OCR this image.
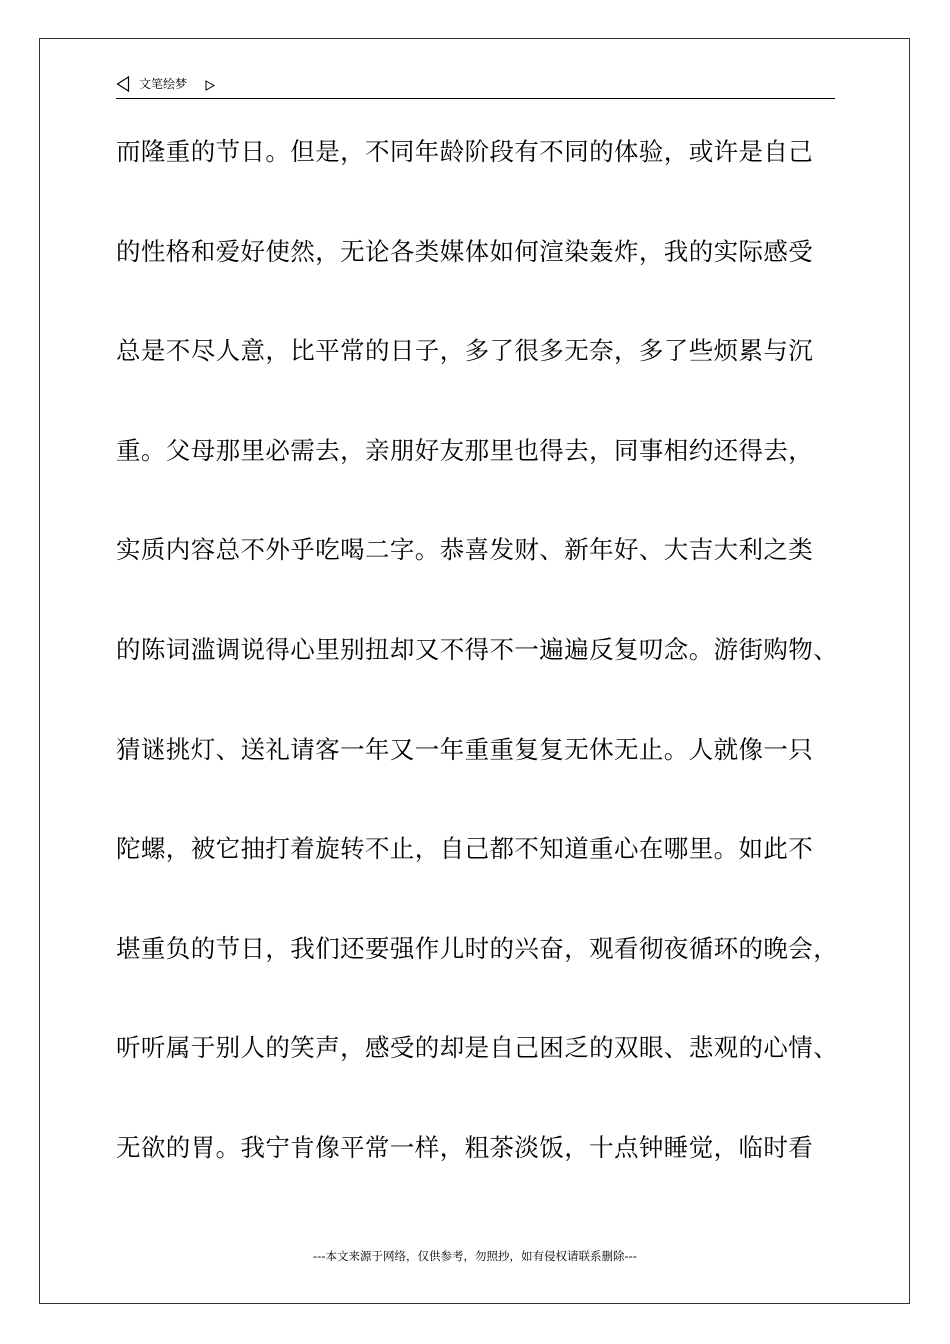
文笔绘梦
而隆重的节日。但是，不同年龄阶段有不同的体验，或许是自己
的性格和爱好使然，无论各类媒体如何渲染轰炸，我的实际感受
总是不尽人意，比平常的日子，多了很多无奈，多了些烦累与沉
重。父母那里必需去，亲朋好友那里也得去，同事相约还得去，
实质内容总不外乎吃喝二字。恭喜发财、新年好、大吉大利之类
的陈词滥调说得心里别扭却又不得不一遍遍反复叨念。游街购物、
猜谜挑灯、送礼请客一年又一年重重复复无休无止。人就像一只
陀螺，被它抽打着旋转不止，自己都不知道重心在哪里。如此不
堪重负的节日，我们还要强作儿时的兴奋，观看彻夜循环的晚会，
听听属于别人的笑声，感受的却是自己困乏的双眼、悲观的心情、
无欲的胃。我宁肯像平常一样，粗茶淡饭，十点钟睡觉，临时看
---本文来源于网络，仅供参考，勿照抄，如有侵权请联系删除---
